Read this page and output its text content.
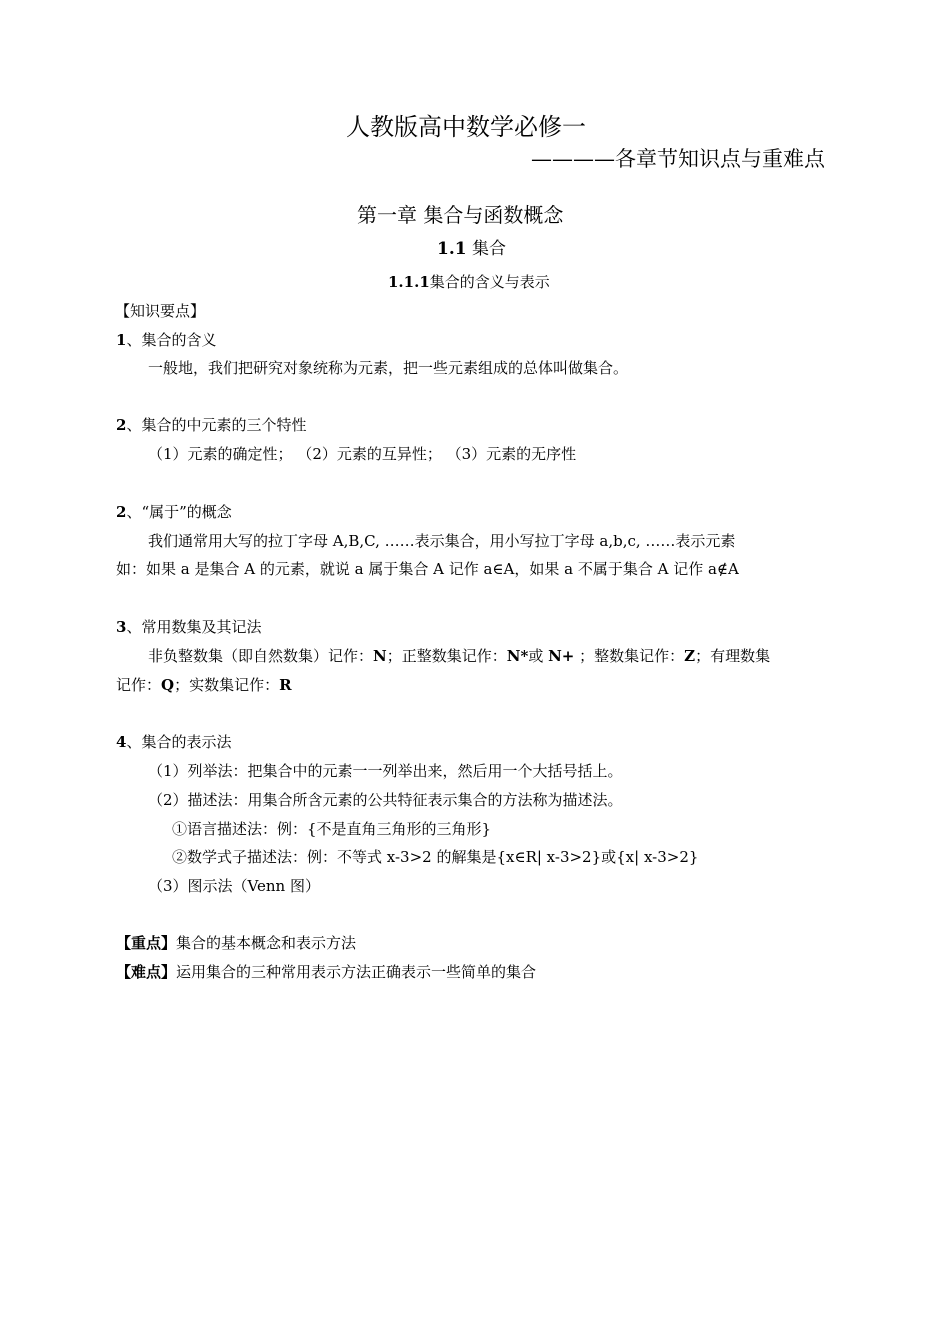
人教版高中数学必修一
————各章节知识点与重难点
第一章 集合与函数概念
1.1 集合
1.1.1集合的含义与表示
【知识要点】
1、集合的含义
一般地，我们把研究对象统称为元素，把一些元素组成的总体叫做集合。
2、集合的中元素的三个特性
（1）元素的确定性； （2）元素的互异性； （3）元素的无序性
2、“属于”的概念
我们通常用大写的拉丁字母 A,B,C, ……表示集合，用小写拉丁字母 a,b,c, ……表示元素
如：如果 a 是集合 A 的元素，就说 a 属于集合 A 记作 a∈A，如果 a 不属于集合 A 记作 a∉A
3、常用数集及其记法
非负整数集（即自然数集）记作：N；正整数集记作：N*或 N+ ；整数集记作：Z；有理数集
记作：Q；实数集记作：R
4、集合的表示法
（1）列举法：把集合中的元素一一列举出来，然后用一个大括号括上。
（2）描述法：用集合所含元素的公共特征表示集合的方法称为描述法。
①语言描述法：例：{不是直角三角形的三角形}
②数学式子描述法：例：不等式 x-3>2 的解集是{x∈R| x-3>2}或{x| x-3>2}
（3）图示法（Venn 图）
【重点】集合的基本概念和表示方法
【难点】运用集合的三种常用表示方法正确表示一些简单的集合
